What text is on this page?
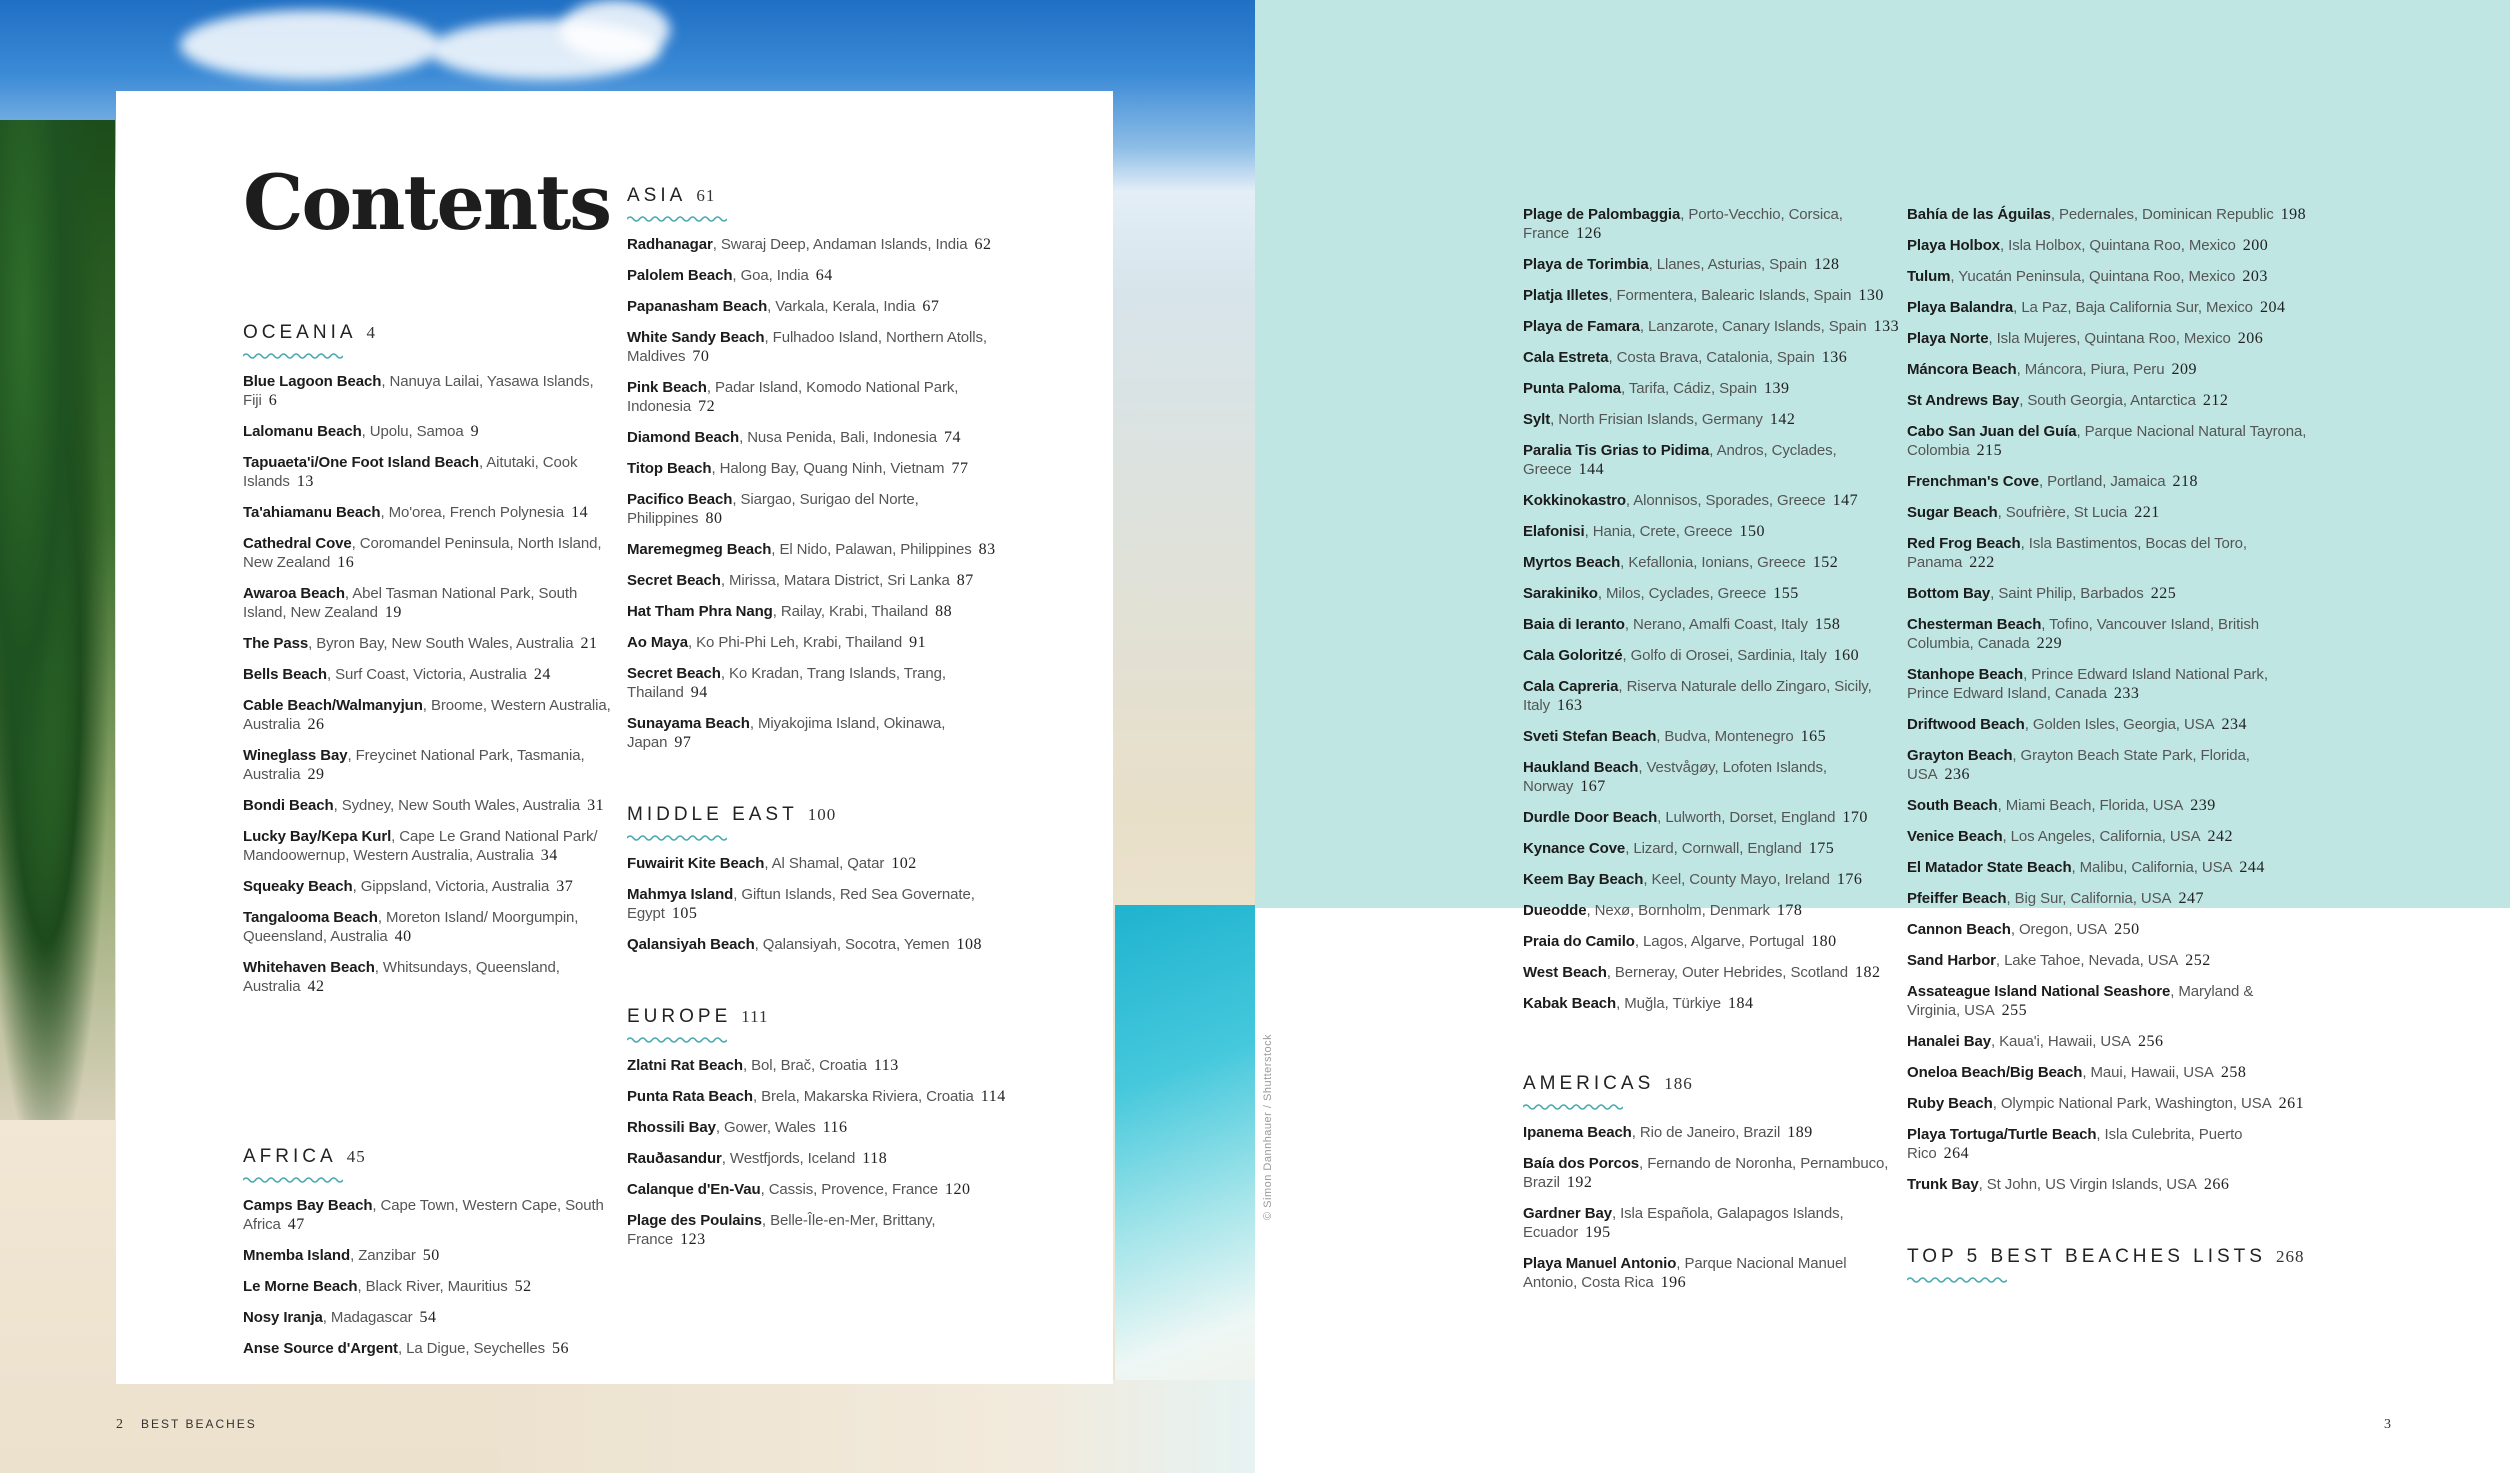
© Simon Dannhauer / Shutterstock
Contents
OCEANIA 4
Blue Lagoon Beach, Nanuya Lailai, Yasawa Islands, Fiji 6
Lalomanu Beach, Upolu, Samoa 9
Tapuaeta'i/One Foot Island Beach, Aitutaki, Cook Islands 13
Ta'ahiamanu Beach, Mo'orea, French Polynesia 14
Cathedral Cove, Coromandel Peninsula, North Island, New Zealand 16
Awaroa Beach, Abel Tasman National Park, South Island, New Zealand 19
The Pass, Byron Bay, New South Wales, Australia 21
Bells Beach, Surf Coast, Victoria, Australia 24
Cable Beach/Walmanyjun, Broome, Western Australia, Australia 26
Wineglass Bay, Freycinet National Park, Tasmania, Australia 29
Bondi Beach, Sydney, New South Wales, Australia 31
Lucky Bay/Kepa Kurl, Cape Le Grand National Park/ Mandoowernup, Western Australia, Australia 34
Squeaky Beach, Gippsland, Victoria, Australia 37
Tangalooma Beach, Moreton Island/ Moorgumpin, Queensland, Australia 40
Whitehaven Beach, Whitsundays, Queensland, Australia 42
AFRICA 45
Camps Bay Beach, Cape Town, Western Cape, South Africa 47
Mnemba Island, Zanzibar 50
Le Morne Beach, Black River, Mauritius 52
Nosy Iranja, Madagascar 54
Anse Source d'Argent, La Digue, Seychelles 56
ASIA 61
Radhanagar, Swaraj Deep, Andaman Islands, India 62
Palolem Beach, Goa, India 64
Papanasham Beach, Varkala, Kerala, India 67
White Sandy Beach, Fulhadoo Island, Northern Atolls, Maldives 70
Pink Beach, Padar Island, Komodo National Park, Indonesia 72
Diamond Beach, Nusa Penida, Bali, Indonesia 74
Titop Beach, Halong Bay, Quang Ninh, Vietnam 77
Pacifico Beach, Siargao, Surigao del Norte, Philippines 80
Maremegmeg Beach, El Nido, Palawan, Philippines 83
Secret Beach, Mirissa, Matara District, Sri Lanka 87
Hat Tham Phra Nang, Railay, Krabi, Thailand 88
Ao Maya, Ko Phi-Phi Leh, Krabi, Thailand 91
Secret Beach, Ko Kradan, Trang Islands, Trang, Thailand 94
Sunayama Beach, Miyakojima Island, Okinawa, Japan 97
MIDDLE EAST 100
Fuwairit Kite Beach, Al Shamal, Qatar 102
Mahmya Island, Giftun Islands, Red Sea Governate, Egypt 105
Qalansiyah Beach, Qalansiyah, Socotra, Yemen 108
EUROPE 111
Zlatni Rat Beach, Bol, Brač, Croatia 113
Punta Rata Beach, Brela, Makarska Riviera, Croatia 114
Rhossili Bay, Gower, Wales 116
Rauðasandur, Westfjords, Iceland 118
Calanque d'En-Vau, Cassis, Provence, France 120
Plage des Poulains, Belle-Île-en-Mer, Brittany, France 123
Plage de Palombaggia, Porto-Vecchio, Corsica, France 126
Playa de Torimbia, Llanes, Asturias, Spain 128
Platja Illetes, Formentera, Balearic Islands, Spain 130
Playa de Famara, Lanzarote, Canary Islands, Spain 133
Cala Estreta, Costa Brava, Catalonia, Spain 136
Punta Paloma, Tarifa, Cádiz, Spain 139
Sylt, North Frisian Islands, Germany 142
Paralia Tis Grias to Pidima, Andros, Cyclades, Greece 144
Kokkinokastro, Alonnisos, Sporades, Greece 147
Elafonisi, Hania, Crete, Greece 150
Myrtos Beach, Kefallonia, Ionians, Greece 152
Sarakiniko, Milos, Cyclades, Greece 155
Baia di Ieranto, Nerano, Amalfi Coast, Italy 158
Cala Goloritzé, Golfo di Orosei, Sardinia, Italy 160
Cala Capreria, Riserva Naturale dello Zingaro, Sicily, Italy 163
Sveti Stefan Beach, Budva, Montenegro 165
Haukland Beach, Vestvågøy, Lofoten Islands, Norway 167
Durdle Door Beach, Lulworth, Dorset, England 170
Kynance Cove, Lizard, Cornwall, England 175
Keem Bay Beach, Keel, County Mayo, Ireland 176
Dueodde, Nexø, Bornholm, Denmark 178
Praia do Camilo, Lagos, Algarve, Portugal 180
West Beach, Berneray, Outer Hebrides, Scotland 182
Kabak Beach, Muğla, Türkiye 184
AMERICAS 186
Ipanema Beach, Rio de Janeiro, Brazil 189
Baía dos Porcos, Fernando de Noronha, Pernambuco, Brazil 192
Gardner Bay, Isla Española, Galapagos Islands, Ecuador 195
Playa Manuel Antonio, Parque Nacional Manuel Antonio, Costa Rica 196
Bahía de las Águilas, Pedernales, Dominican Republic 198
Playa Holbox, Isla Holbox, Quintana Roo, Mexico 200
Tulum, Yucatán Peninsula, Quintana Roo, Mexico 203
Playa Balandra, La Paz, Baja California Sur, Mexico 204
Playa Norte, Isla Mujeres, Quintana Roo, Mexico 206
Máncora Beach, Máncora, Piura, Peru 209
St Andrews Bay, South Georgia, Antarctica 212
Cabo San Juan del Guía, Parque Nacional Natural Tayrona, Colombia 215
Frenchman's Cove, Portland, Jamaica 218
Sugar Beach, Soufrière, St Lucia 221
Red Frog Beach, Isla Bastimentos, Bocas del Toro, Panama 222
Bottom Bay, Saint Philip, Barbados 225
Chesterman Beach, Tofino, Vancouver Island, British Columbia, Canada 229
Stanhope Beach, Prince Edward Island National Park, Prince Edward Island, Canada 233
Driftwood Beach, Golden Isles, Georgia, USA 234
Grayton Beach, Grayton Beach State Park, Florida, USA 236
South Beach, Miami Beach, Florida, USA 239
Venice Beach, Los Angeles, California, USA 242
El Matador State Beach, Malibu, California, USA 244
Pfeiffer Beach, Big Sur, California, USA 247
Cannon Beach, Oregon, USA 250
Sand Harbor, Lake Tahoe, Nevada, USA 252
Assateague Island National Seashore, Maryland & Virginia, USA 255
Hanalei Bay, Kaua'i, Hawaii, USA 256
Oneloa Beach/Big Beach, Maui, Hawaii, USA 258
Ruby Beach, Olympic National Park, Washington, USA 261
Playa Tortuga/Turtle Beach, Isla Culebrita, Puerto Rico 264
Trunk Bay, St John, US Virgin Islands, USA 266
TOP 5 BEST BEACHES LISTS 268
2 BEST BEACHES	3
